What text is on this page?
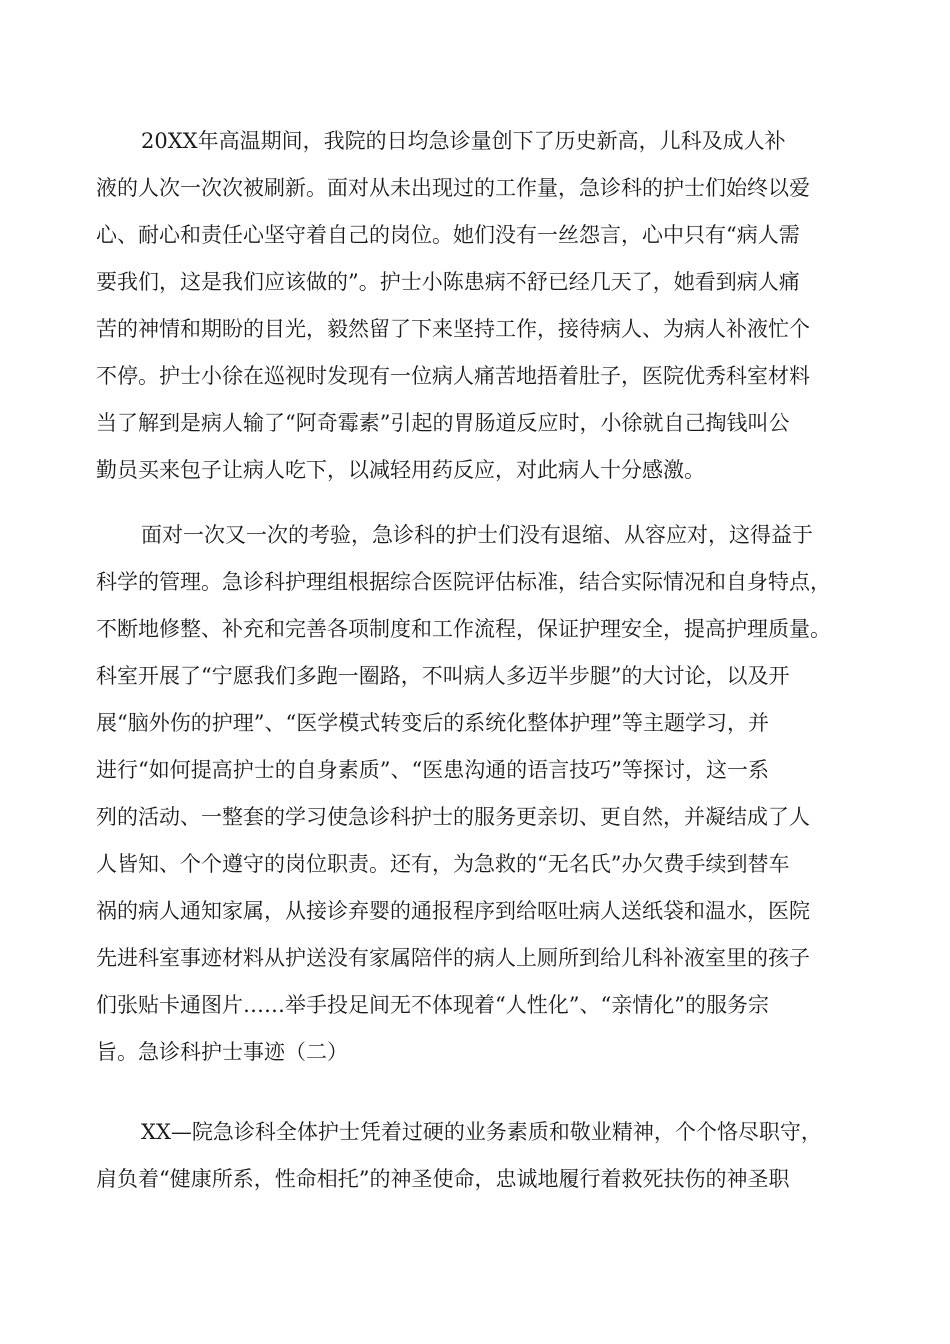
20XX年高温期间，我院的日均急诊量创下了历史新高，儿科及成人补
液的人次一次次被刷新。面对从未出现过的工作量，急诊科的护士们始终以爱
心、耐心和责任心坚守着自己的岗位。她们没有一丝怨言，心中只有“病人需
要我们，这是我们应该做的”。护士小陈患病不舒已经几天了，她看到病人痛
苦的神情和期盼的目光，毅然留了下来坚持工作，接待病人、为病人补液忙个
不停。护士小徐在巡视时发现有一位病人痛苦地捂着肚子，医院优秀科室材料
当了解到是病人输了“阿奇霉素”引起的胃肠道反应时，小徐就自己掏钱叫公
勤员买来包子让病人吃下，以减轻用药反应，对此病人十分感激。
面对一次又一次的考验，急诊科的护士们没有退缩、从容应对，这得益于
科学的管理。急诊科护理组根据综合医院评估标准，结合实际情况和自身特点，
不断地修整、补充和完善各项制度和工作流程，保证护理安全，提高护理质量。
科室开展了“宁愿我们多跑一圈路，不叫病人多迈半步腿”的大讨论，以及开
展“脑外伤的护理”、“医学模式转变后的系统化整体护理”等主题学习，并
进行“如何提高护士的自身素质”、“医患沟通的语言技巧”等探讨，这一系
列的活动、一整套的学习使急诊科护士的服务更亲切、更自然，并凝结成了人
人皆知、个个遵守的岗位职责。还有，为急救的“无名氏”办欠费手续到替车
祸的病人通知家属，从接诊弃婴的通报程序到给呕吐病人送纸袋和温水，医院
先进科室事迹材料从护送没有家属陪伴的病人上厕所到给儿科补液室里的孩子
们张贴卡通图片……举手投足间无不体现着“人性化”、“亲情化”的服务宗
旨。急诊科护士事迹（二）
XX—院急诊科全体护士凭着过硬的业务素质和敬业精神，个个恪尽职守，
肩负着“健康所系，性命相托”的神圣使命，忠诚地履行着救死扶伤的神圣职
